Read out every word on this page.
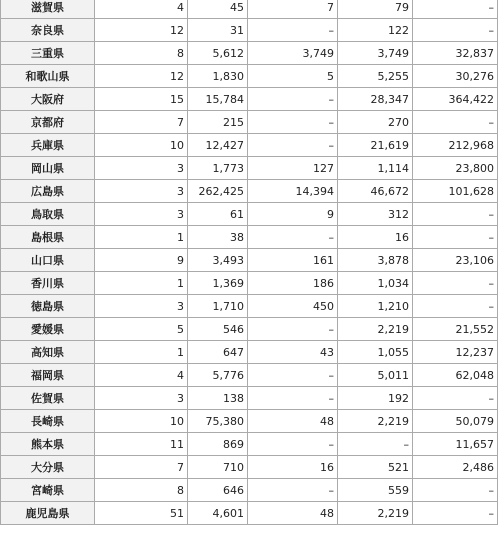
滋賀県	4	45	7	79	–
奈良県	12	31	–	122	–
三重県	8	5,612	3,749	3,749	32,837
和歌山県	12	1,830	5	5,255	30,276
大阪府	15	15,784	–	28,347	364,422
京都府	7	215	–	270	–
兵庫県	10	12,427	–	21,619	212,968
岡山県	3	1,773	127	1,114	23,800
広島県	3	262,425	14,394	46,672	101,628
鳥取県	3	61	9	312	–
島根県	1	38	–	16	–
山口県	9	3,493	161	3,878	23,106
香川県	1	1,369	186	1,034	–
徳島県	3	1,710	450	1,210	–
愛媛県	5	546	–	2,219	21,552
高知県	1	647	43	1,055	12,237
福岡県	4	5,776	–	5,011	62,048
佐賀県	3	138	–	192	–
長崎県	10	75,380	48	2,219	50,079
熊本県	11	869	–	–	11,657
大分県	7	710	16	521	2,486
宮崎県	8	646	–	559	–
鹿児島県	51	4,601	48	2,219	–
